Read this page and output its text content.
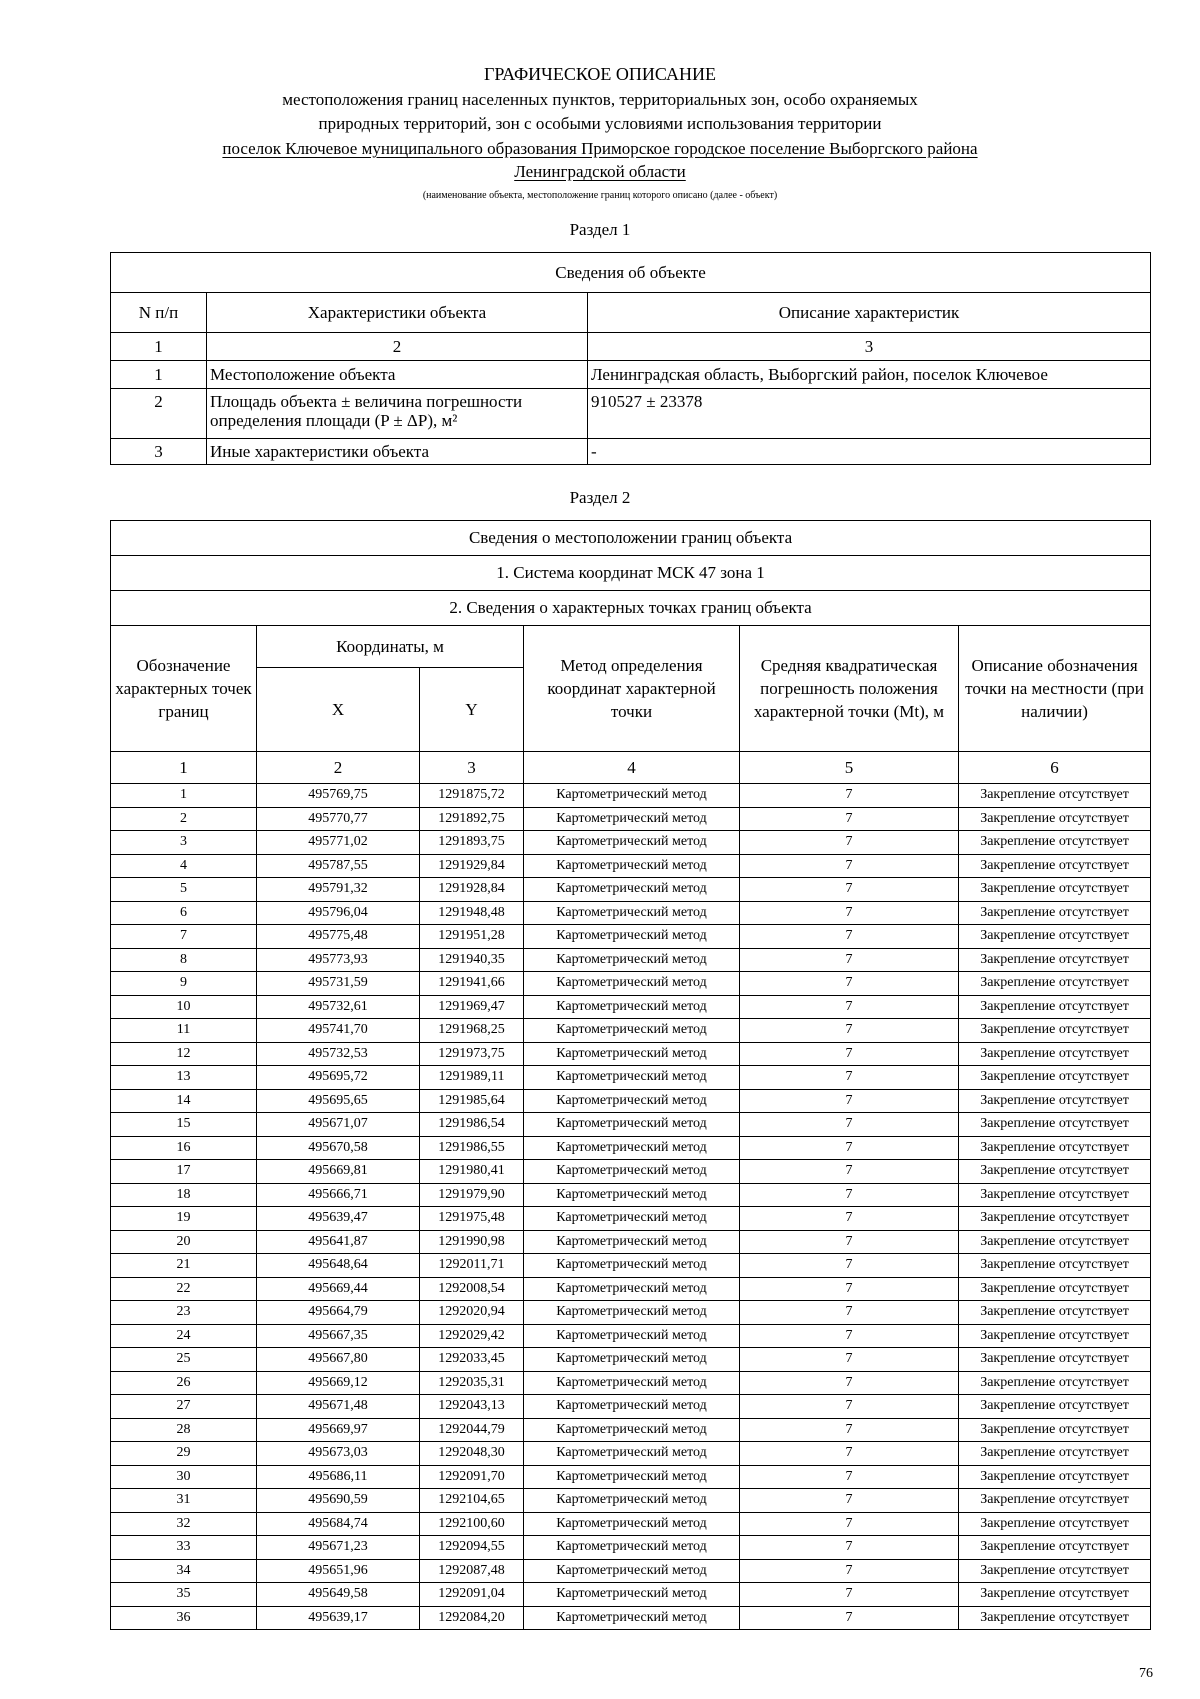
ГРАФИЧЕСКОЕ ОПИСАНИЕ
местоположения границ населенных пунктов, территориальных зон, особо охраняемых
природных территорий, зон с особыми условиями использования территории
поселок Ключевое муниципального образования Приморское городское поселение Выборгского района
Ленинградской области
(наименование объекта, местоположение границ которого описано (далее - объект)
Раздел 1
Сведения об объекте		
N п/п	Характеристики объекта	Описание характеристик
1	2	3
1	Местоположение объекта	Ленинградская область, Выборгский район, поселок Ключевое
2	Площадь объекта ± величина погрешности определения площади (P ± ΔP), м²	910527 ± 23378
3	Иные характеристики объекта	-
Раздел 2
Сведения о местоположении границ объекта					
1. Система координат МСК 47 зона 1					
2. Сведения о характерных точках границ объекта					
Обозначение характерных точек границ	Координаты, м		Метод определения координат характерной точки	Средняя квадратическая погрешность положения характерной точки (Mt), м	Описание обозначения точки на местности (при наличии)
	X	Y			
1	2	3	4	5	6
1	495769,75	1291875,72	Картометрический метод	7	Закрепление отсутствует
2	495770,77	1291892,75	Картометрический метод	7	Закрепление отсутствует
3	495771,02	1291893,75	Картометрический метод	7	Закрепление отсутствует
4	495787,55	1291929,84	Картометрический метод	7	Закрепление отсутствует
5	495791,32	1291928,84	Картометрический метод	7	Закрепление отсутствует
6	495796,04	1291948,48	Картометрический метод	7	Закрепление отсутствует
7	495775,48	1291951,28	Картометрический метод	7	Закрепление отсутствует
8	495773,93	1291940,35	Картометрический метод	7	Закрепление отсутствует
9	495731,59	1291941,66	Картометрический метод	7	Закрепление отсутствует
10	495732,61	1291969,47	Картометрический метод	7	Закрепление отсутствует
11	495741,70	1291968,25	Картометрический метод	7	Закрепление отсутствует
12	495732,53	1291973,75	Картометрический метод	7	Закрепление отсутствует
13	495695,72	1291989,11	Картометрический метод	7	Закрепление отсутствует
14	495695,65	1291985,64	Картометрический метод	7	Закрепление отсутствует
15	495671,07	1291986,54	Картометрический метод	7	Закрепление отсутствует
16	495670,58	1291986,55	Картометрический метод	7	Закрепление отсутствует
17	495669,81	1291980,41	Картометрический метод	7	Закрепление отсутствует
18	495666,71	1291979,90	Картометрический метод	7	Закрепление отсутствует
19	495639,47	1291975,48	Картометрический метод	7	Закрепление отсутствует
20	495641,87	1291990,98	Картометрический метод	7	Закрепление отсутствует
21	495648,64	1292011,71	Картометрический метод	7	Закрепление отсутствует
22	495669,44	1292008,54	Картометрический метод	7	Закрепление отсутствует
23	495664,79	1292020,94	Картометрический метод	7	Закрепление отсутствует
24	495667,35	1292029,42	Картометрический метод	7	Закрепление отсутствует
25	495667,80	1292033,45	Картометрический метод	7	Закрепление отсутствует
26	495669,12	1292035,31	Картометрический метод	7	Закрепление отсутствует
27	495671,48	1292043,13	Картометрический метод	7	Закрепление отсутствует
28	495669,97	1292044,79	Картометрический метод	7	Закрепление отсутствует
29	495673,03	1292048,30	Картометрический метод	7	Закрепление отсутствует
30	495686,11	1292091,70	Картометрический метод	7	Закрепление отсутствует
31	495690,59	1292104,65	Картометрический метод	7	Закрепление отсутствует
32	495684,74	1292100,60	Картометрический метод	7	Закрепление отсутствует
33	495671,23	1292094,55	Картометрический метод	7	Закрепление отсутствует
34	495651,96	1292087,48	Картометрический метод	7	Закрепление отсутствует
35	495649,58	1292091,04	Картометрический метод	7	Закрепление отсутствует
36	495639,17	1292084,20	Картометрический метод	7	Закрепление отсутствует
76
